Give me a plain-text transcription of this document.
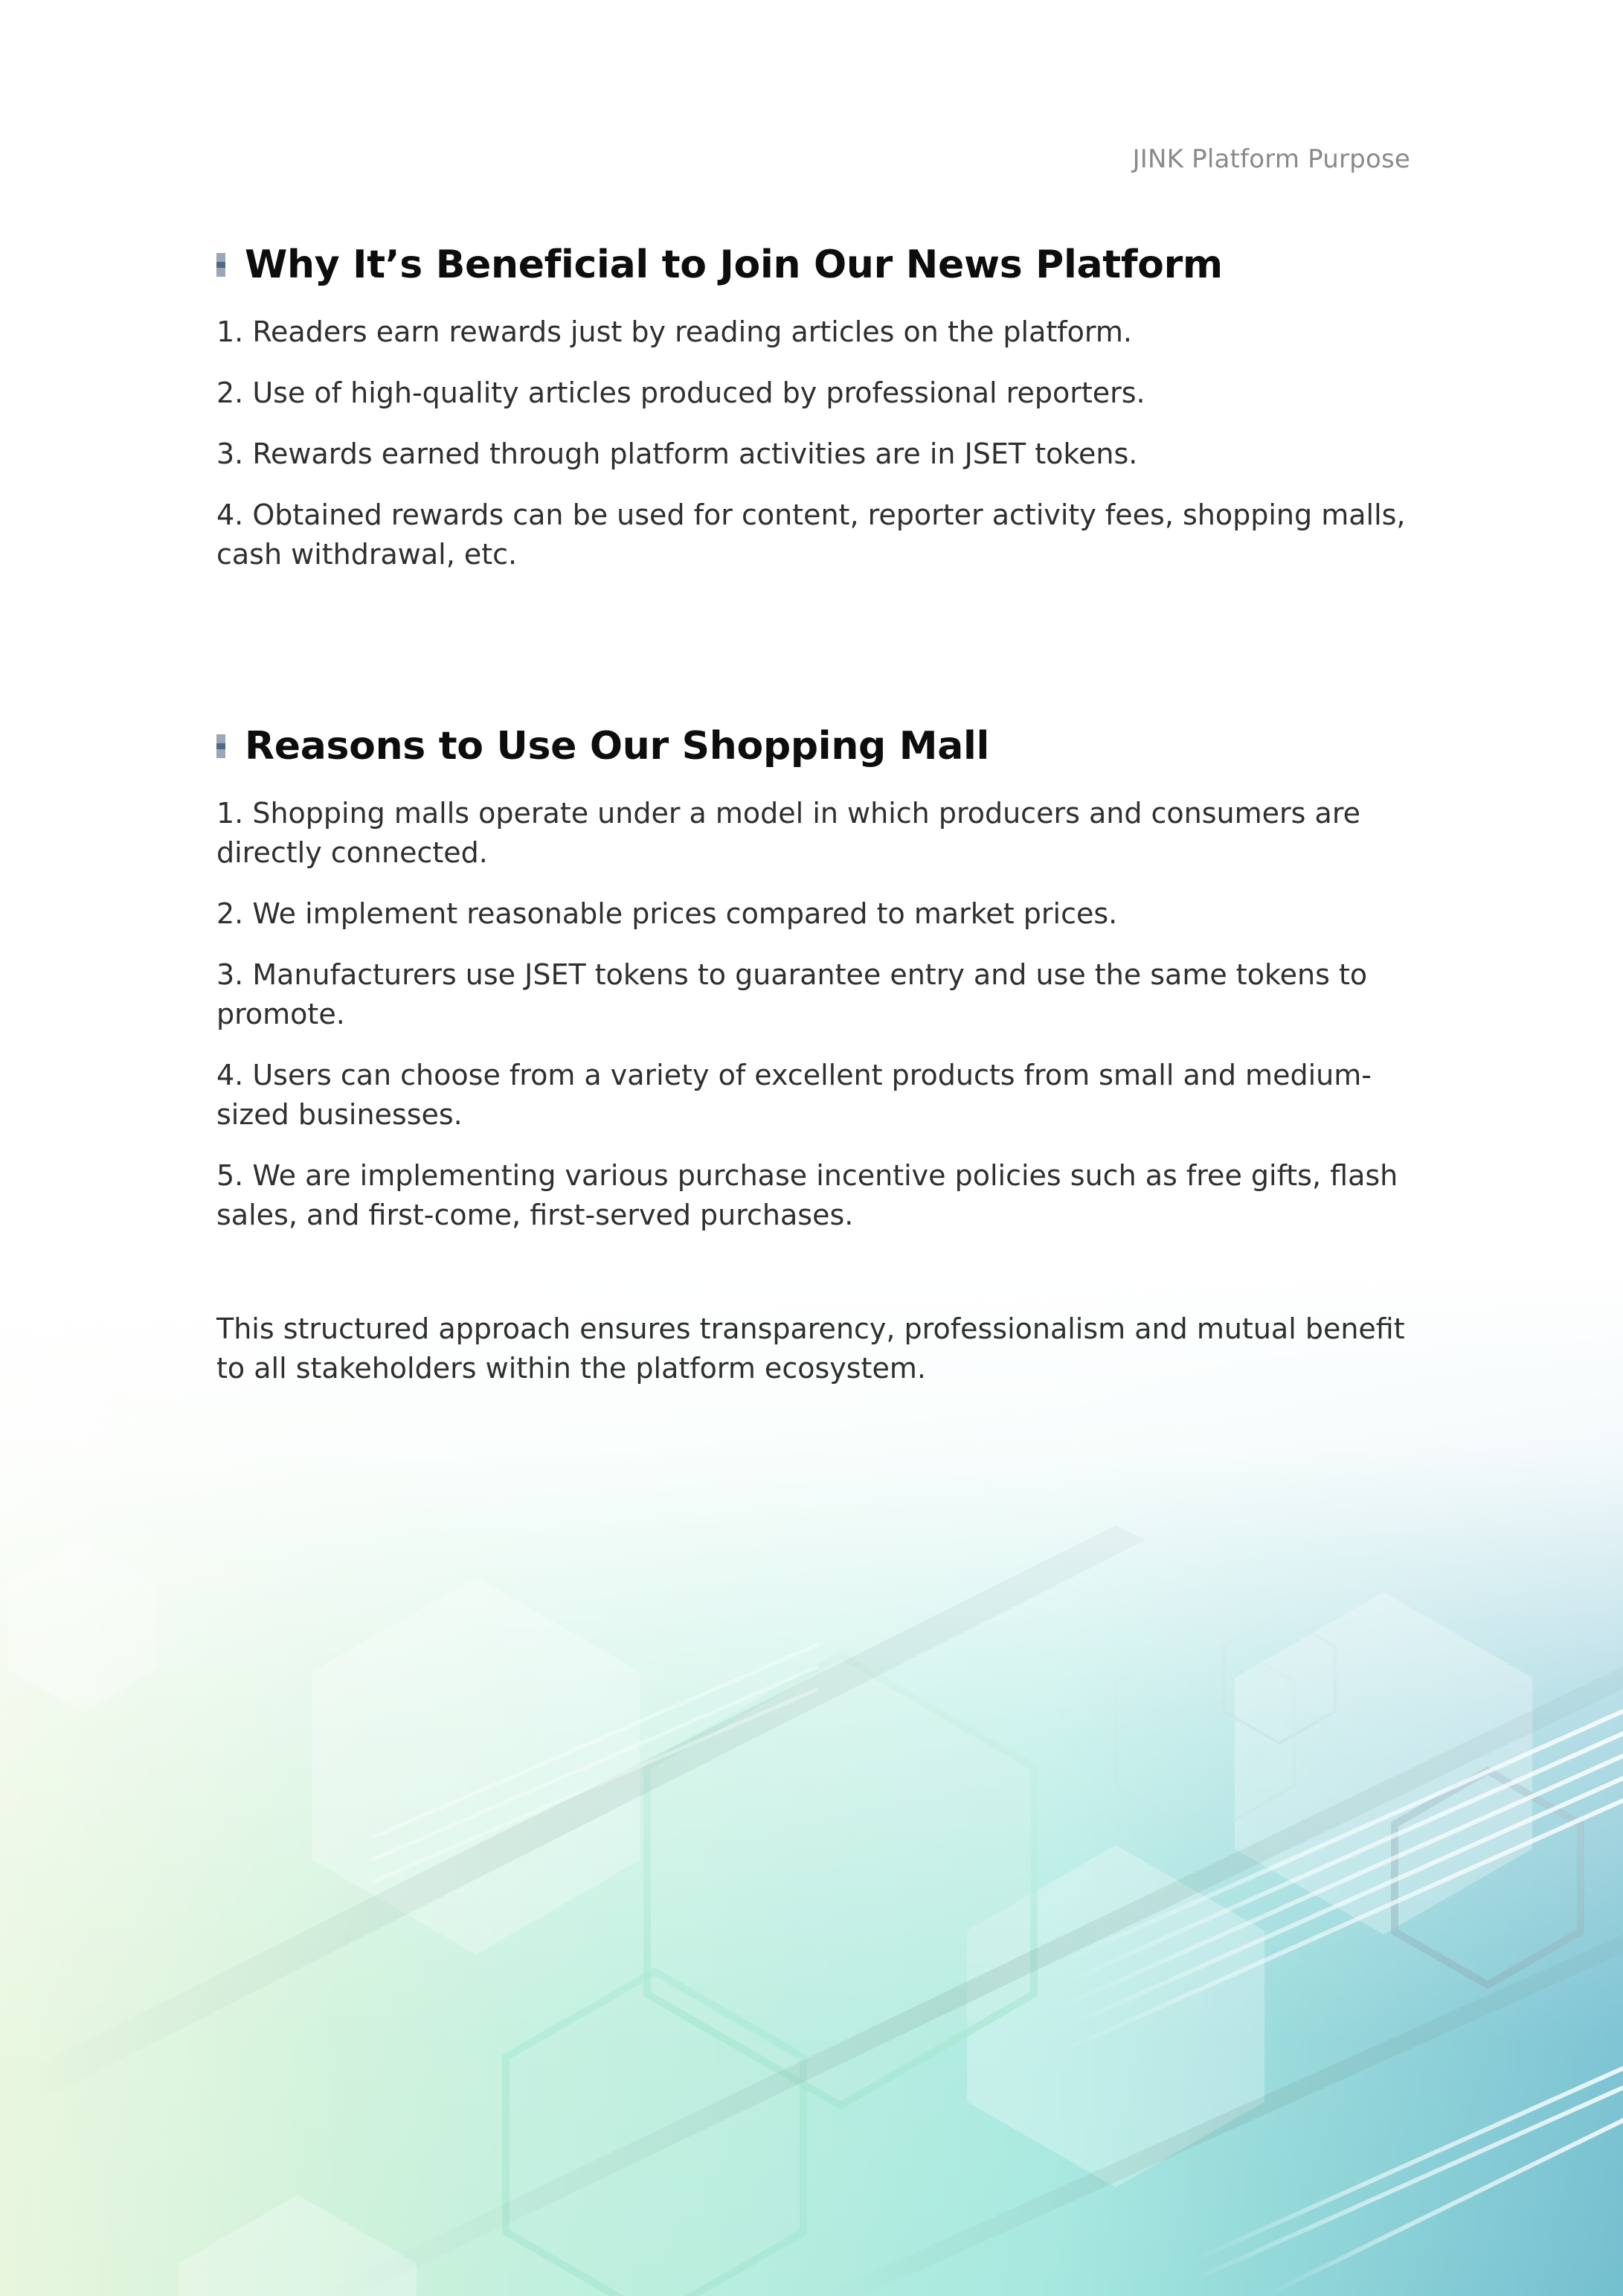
JINK Platform Purpose
Why It’s Beneficial to Join Our News Platform

1. Readers earn rewards just by reading articles on the platform.

2. Use of high-quality articles produced by professional reporters.

3. Rewards earned through platform activities are in JSET tokens.

4. Obtained rewards can be used for content, reporter activity fees, shopping malls, cash withdrawal, etc.

Reasons to Use Our Shopping Mall

1. Shopping malls operate under a model in which producers and consumers are directly connected.

2. We implement reasonable prices compared to market prices.

3. Manufacturers use JSET tokens to guarantee entry and use the same tokens to promote.

4. Users can choose from a variety of excellent products from small and medium-sized businesses.

5. We are implementing various purchase incentive policies such as free gifts, flash sales, and first-come, first-served purchases.

This structured approach ensures transparency, professionalism and mutual benefit to all stakeholders within the platform ecosystem.
